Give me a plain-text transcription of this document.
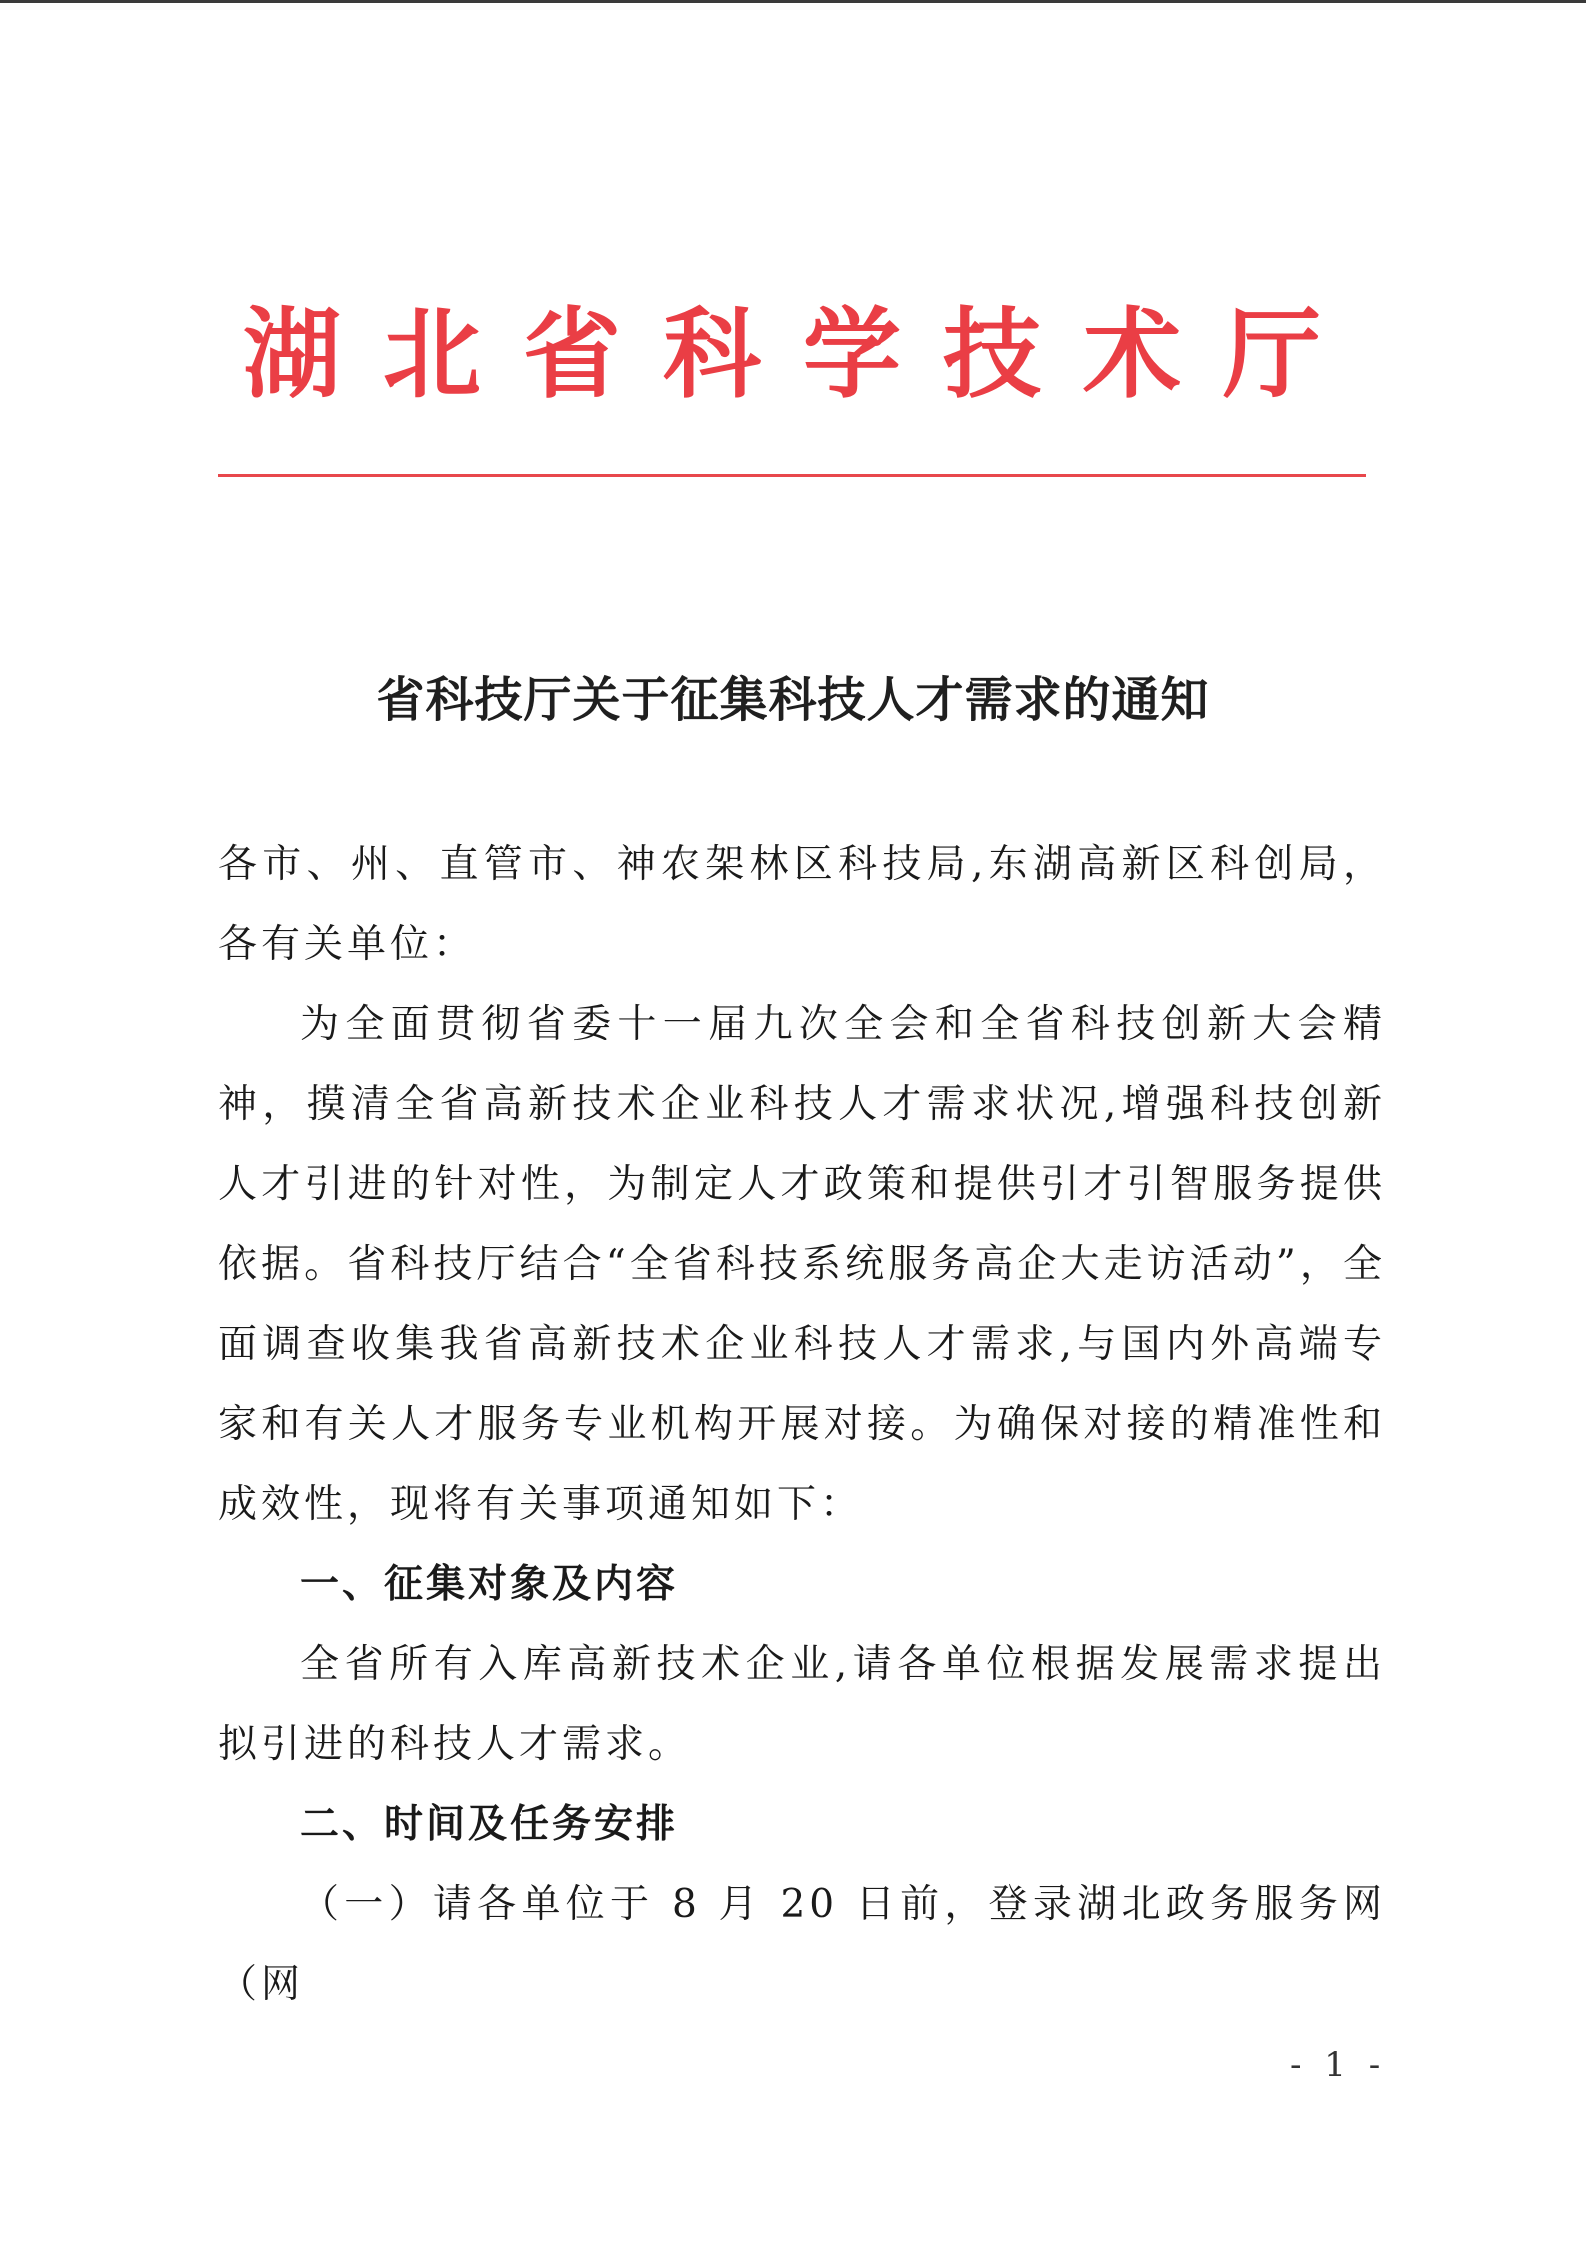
湖北省科学技术厅
省科技厅关于征集科技人才需求的通知

各市、州、直管市、神农架林区科技局,东湖高新区科创局，各有关单位：

为全面贯彻省委十一届九次全会和全省科技创新大会精神，摸清全省高新技术企业科技人才需求状况,增强科技创新人才引进的针对性，为制定人才政策和提供引才引智服务提供依据。省科技厅结合“全省科技系统服务高企大走访活动”，全面调查收集我省高新技术企业科技人才需求,与国内外高端专家和有关人才服务专业机构开展对接。为确保对接的精准性和成效性，现将有关事项通知如下：

一、征集对象及内容

全省所有入库高新技术企业,请各单位根据发展需求提出拟引进的科技人才需求。

二、时间及任务安排

（一）请各单位于 8 月 20 日前，登录湖北政务服务网（网

- 1 -
